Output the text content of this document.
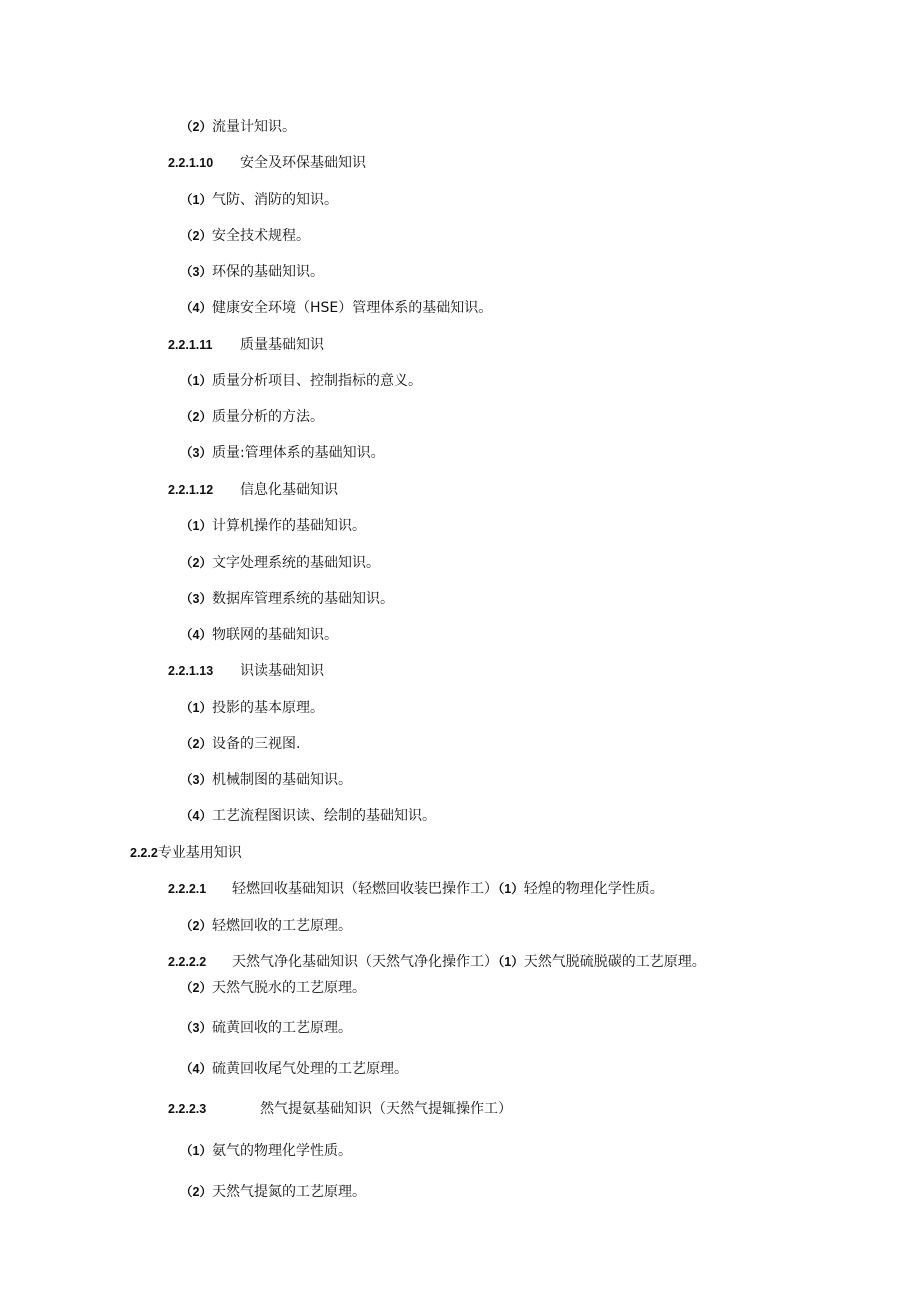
（2）流量计知识。
2.2.1.10 安全及环保基础知识
（1）气防、消防的知识。
（2）安全技术规程。
（3）环保的基础知识。
（4）健康安全环境（HSE）管理体系的基础知识。
2.2.1.11 质量基础知识
（1）质量分析项目、控制指标的意义。
（2）质量分析的方法。
（3）质量:管理体系的基础知识。
2.2.1.12 信息化基础知识
（1）计算机操作的基础知识。
（2）文字处理系统的基础知识。
（3）数据库管理系统的基础知识。
（4）物联网的基础知识。
2.2.1.13 识读基础知识
（1）投影的基本原理。
（2）设备的三视图.
（3）机械制图的基础知识。
（4）工艺流程图识读、绘制的基础知识。
2.2.2专业基用知识
2.2.2.1 轻燃回收基础知识（轻燃回收装巴操作工）（1）轻煌的物理化学性质。
（2）轻燃回收的工艺原理。
2.2.2.2 天然气净化基础知识（天然气净化操作工）（1）天然气脱硫脱碳的工艺原理。
（2）天然气脱水的工艺原理。
（3）硫黄回收的工艺原理。
（4）硫黄回收尾气处理的工艺原理。
2.2.2.3	然气提氨基础知识（天然气提辄操作工）
（1）氨气的物理化学性质。
（2）天然气提氮的工艺原理。
